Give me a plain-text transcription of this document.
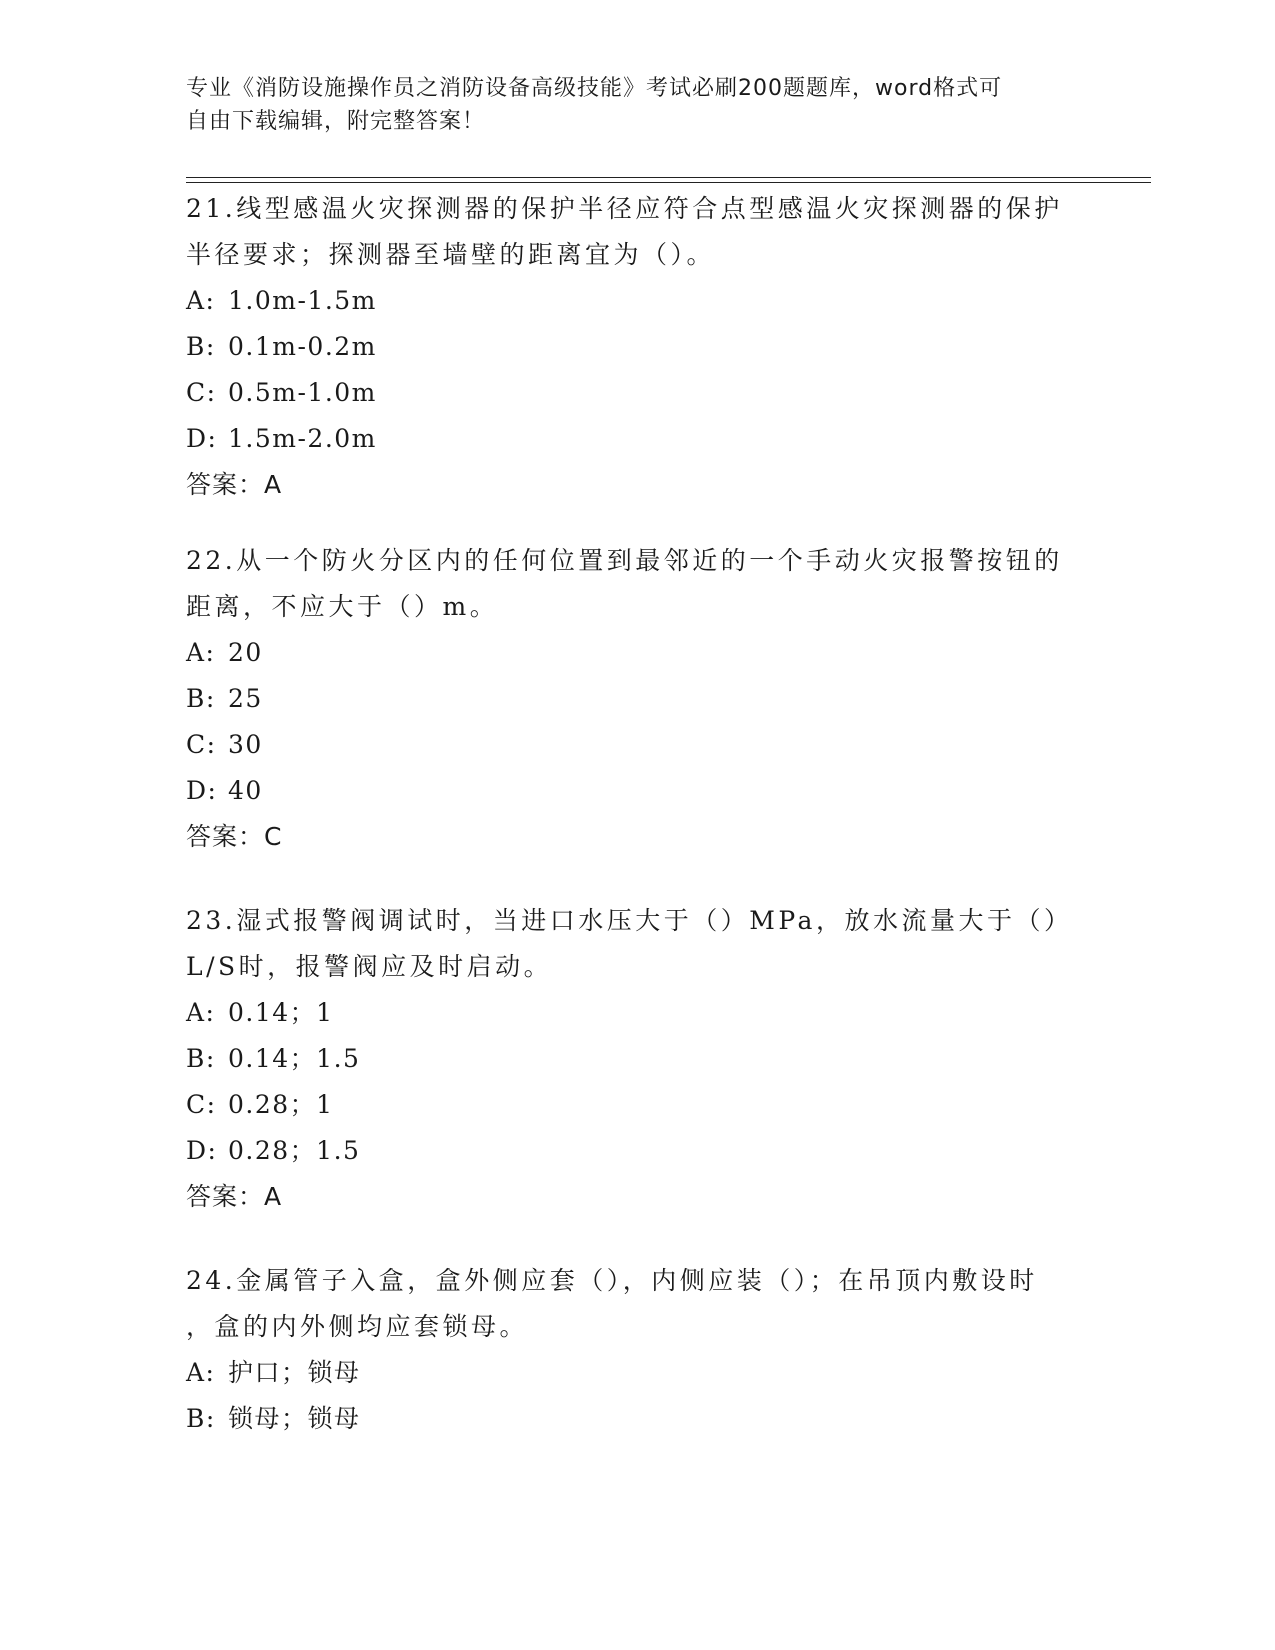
专业《消防设施操作员之消防设备高级技能》考试必刷200题题库，word格式可
自由下载编辑，附完整答案！

21.线型感温火灾探测器的保护半径应符合点型感温火灾探测器的保护

半径要求；探测器至墙壁的距离宜为（）。

A: 1.0m-1.5m

B: 0.1m-0.2m

C: 0.5m-1.0m

D: 1.5m-2.0m

答案：A

22.从一个防火分区内的任何位置到最邻近的一个手动火灾报警按钮的

距离，不应大于（）m。

A: 20

B: 25

C: 30

D: 40

答案：C

23.湿式报警阀调试时，当进口水压大于（）MPa，放水流量大于（）

L/S时，报警阀应及时启动。

A: 0.14；1

B: 0.14；1.5

C: 0.28；1

D: 0.28；1.5

答案：A

24.金属管子入盒，盒外侧应套（），内侧应装（）；在吊顶内敷设时

，盒的内外侧均应套锁母。

A: 护口；锁母

B: 锁母；锁母
